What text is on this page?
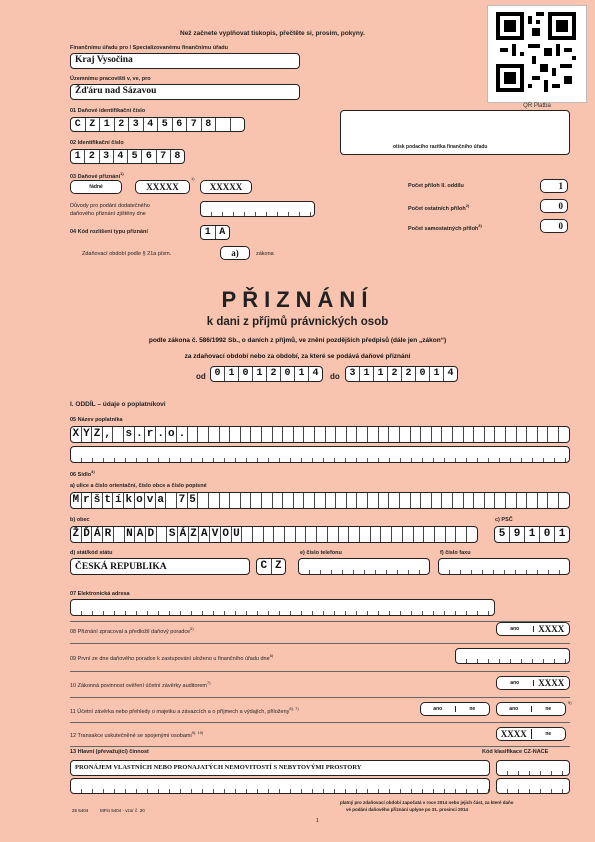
Než začnete vyplňovat tiskopis, přečtěte si, prosím, pokyny.
QR Platba
Finančnímu úřadu pro / Specializovanému finančnímu úřadu
Kraj Vysočina
Územnímu pracovišti v, ve, pro
Žďáru nad Sázavou
01 Daňové identifikační číslo
C Z 1 2 3 4 5 6 7 8
02 Identifikační číslo
1 2 3 4 5 6 7 8
otisk podacího razítka finančního úřadu
03 Daňové přiznání$^{1)}$
řádné	XXXXX
1)
XXXXX
Důvody pro podání dodatečného
daňového přiznání zjištěny dne
04 Kód rozlišení typu přiznání	1 A
Zdaňovací období podle § 21a písm.	a)	zákona
Počet příloh II. oddílu	1
Počet ostatních příloh$^{2)}$	0
Počet samostatných příloh$^{3)}$	0
PŘIZNÁNÍ
k dani z příjmů právnických osob
podle zákona č. 586/1992 Sb., o daních z příjmů, ve znění pozdějších předpisů (dále jen „zákon“)
za zdaňovací období nebo za období, za které se podává daňové přiznání
od 0 1 0 1 2 0 1 4	do 3 1 1 2 2 0 1 4
I. ODDÍL – údaje o poplatníkovi
05 Název poplatníka
X Y Z , s . r . o .
06 Sídlo$^{4)}$
a) ulice a číslo orientační, číslo obce a číslo popisné
M r š t í k o v a 7 5
b) obec
Ž Ď Á R N A D S Á Z A V O U
c) PSČ
5 9 1 0 1
d) stát/kód státu
ČESKÁ REPUBLIKA	C Z
e) číslo telefonu	f) číslo faxu
07 Elektronická adresa
08 Přiznání zpracoval a předložil daňový poradce$^{5)}$	ano	XXXX
09 První ze dne daňového poradce k zastupování uloženo u finančního úřadu dne$^{6)}$
10 Zákonná povinnost ověření účetní závěrky auditorem$^{7)}$	ano	XXXX
11 Účetní závěrka nebo přehledy o majetku a závazcích a o příjmech a výdajích, přiloženy$^{8), 7)}$	ano	ne	ano	ne
9)
12 Transakce uskutečněné se spojenými osobami$^{9), 10)}$	XXXX	ne
13 Hlavní (převažující) činnost	Kód klasifikace CZ-NACE
PRONÁJEM VLASTNÍCH NEBO PRONAJATÝCH NEMOVITOSTÍ S NEBYTOVÝMI PROSTORY
25 5404	MFin 5404 - vzor č. 20
platný pro zdaňovací období započatá v roce 2014 nebo jejich část, za které daňo
vé podání daňového přiznání uplyne po 31. prosinci 2014
1
